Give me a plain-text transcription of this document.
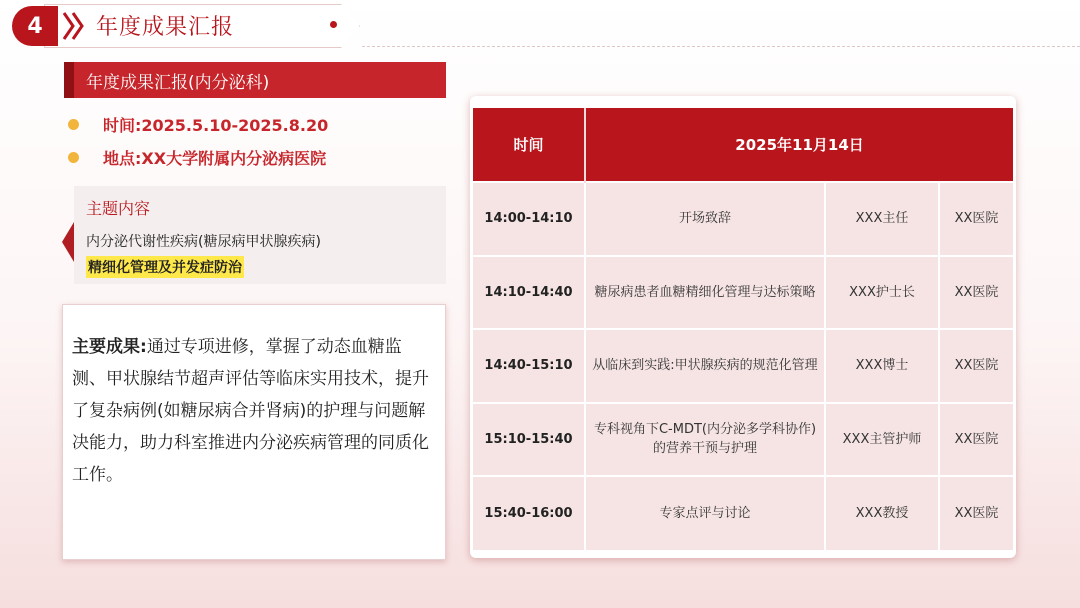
4	年度成果汇报
年度成果汇报(内分泌科)
时间:2025.5.10-2025.8.20
地点:XX大学附属内分泌病医院
主题内容
内分泌代谢性疾病(糖尿病甲状腺疾病)
精细化管理及并发症防治
主要成果:通过专项进修，掌握了动态血糖监测、甲状腺结节超声评估等临床实用技术，提升了复杂病例(如糖尿病合并肾病)的护理与问题解决能力，助力科室推进内分泌疾病管理的同质化工作。
时间	2025年11月14日		
14:00-14:10	开场致辞	XXX主任	XX医院
14:10-14:40	糖尿病患者血糖精细化管理与达标策略	XXX护士长	XX医院
14:40-15:10	从临床到实践:甲状腺疾病的规范化管理	XXX博士	XX医院
15:10-15:40	专科视角下C-MDT(内分泌多学科协作)的营养干预与护理	XXX主管护师	XX医院
15:40-16:00	专家点评与讨论	XXX教授	XX医院
